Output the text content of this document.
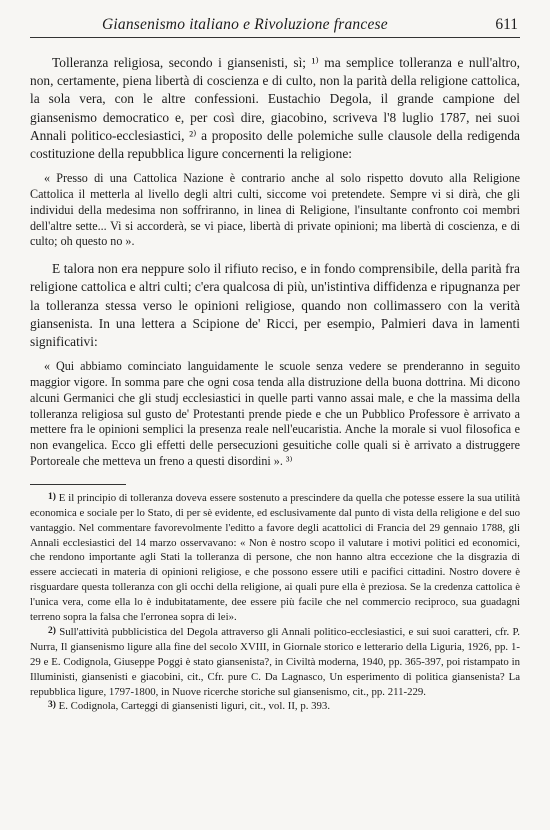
Giansenismo italiano e Rivoluzione francese	611

Tolleranza religiosa, secondo i giansenisti, sì; ¹⁾ ma semplice tolleranza e null'altro, non, certamente, piena libertà di coscienza e di culto, non la parità della religione cattolica, la sola vera, con le altre confessioni. Eustachio Degola, il grande campione del giansenismo democratico e, per così dire, giacobino, scriveva l'8 luglio 1787, nei suoi Annali politico-ecclesiastici, ²⁾ a proposito delle polemiche sulle clausole della redigenda costituzione della repubblica ligure concernenti la religione:

« Presso di una Cattolica Nazione è contrario anche al solo rispetto dovuto alla Religione Cattolica il metterla al livello degli altri culti, siccome voi pretendete. Sempre vi si dirà, che gli individui della medesima non soffriranno, in linea di Religione, l'insultante confronto coi membri dell'altre sette... Vi si accorderà, se vi piace, libertà di private opinioni; ma libertà di coscienza, e di culto; oh questo no ».

E talora non era neppure solo il rifiuto reciso, e in fondo comprensibile, della parità fra religione cattolica e altri culti; c'era qualcosa di più, un'istintiva diffidenza e ripugnanza per la tolleranza stessa verso le opinioni religiose, quando non collimassero con la verità giansenista. In una lettera a Scipione de' Ricci, per esempio, Palmieri dava in lamenti significativi:

« Qui abbiamo cominciato languidamente le scuole senza vedere se prenderanno in seguito maggior vigore. In somma pare che ogni cosa tenda alla distruzione della buona dottrina. Mi dicono alcuni Germanici che gli studj ecclesiastici in quelle parti vanno assai male, e che la massima della tolleranza religiosa sul gusto de' Protestanti prende piede e che un Pubblico Professore è arrivato a mettere fra le opinioni semplici la presenza reale nell'eucaristia. Anche la morale si vuol filosofica e non evangelica. Ecco gli effetti delle persecuzioni gesuitiche colle quali si è arrivato a distruggere Portoreale che metteva un freno a questi disordini ». ³⁾

1) E il principio di tolleranza doveva essere sostenuto a prescindere da quella che potesse essere la sua utilità economica e sociale per lo Stato, di per sè evidente, ed esclusivamente dal punto di vista della religione e del suo vantaggio. Nel commentare favorevolmente l'editto a favore degli acattolici di Francia del 29 gennaio 1788, gli Annali ecclesiastici del 14 marzo osservavano: « Non è nostro scopo il valutare i motivi politici ed economici, che rendono importante agli Stati la tolleranza di persone, che non hanno altra eccezione che la disgrazia di essere acciecati in materia di opinioni religiose, e che possono essere utili e pacifici cittadini. Nostro dovere è risguardare questa tolleranza con gli occhi della religione, ai quali pure ella è preziosa. Se la credenza cattolica è l'unica vera, come ella lo è indubitatamente, dee essere più facile che nel commercio reciproco, sua guadagni terreno sopra la falsa che l'erronea sopra di lei».

2) Sull'attività pubblicistica del Degola attraverso gli Annali politico-ecclesiastici, e sui suoi caratteri, cfr. P. Nurra, Il giansenismo ligure alla fine del secolo XVIII, in Giornale storico e letterario della Liguria, 1926, pp. 1-29 e E. Codignola, Giuseppe Poggi è stato giansenista?, in Civiltà moderna, 1940, pp. 365-397, poi ristampato in Illuministi, giansenisti e giacobini, cit., Cfr. pure C. Da Lagnasco, Un esperimento di politica giansenista? La repubblica ligure, 1797-1800, in Nuove ricerche storiche sul giansenismo, cit., pp. 211-229.

3) E. Codignola, Carteggi di giansenisti liguri, cit., vol. II, p. 393.
